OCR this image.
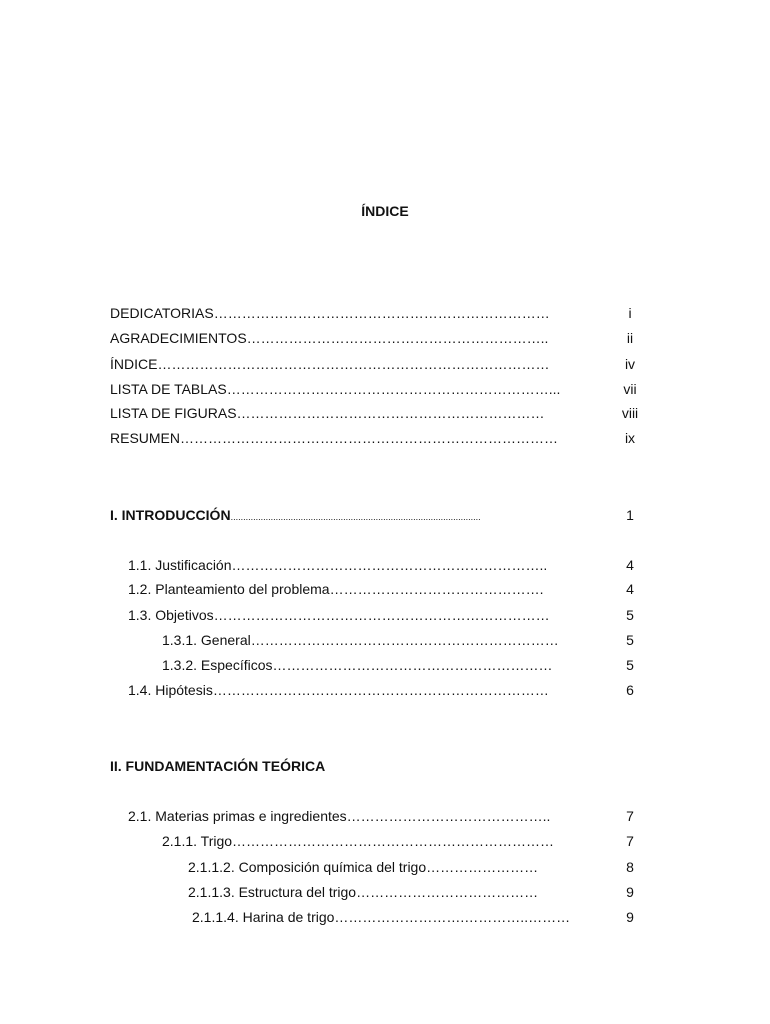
ÍNDICE
DEDICATORIAS………………………………………………………………	i
AGRADECIMIENTOS………………………………………………………..	ii
ÍNDICE…………………………………………………………………………	iv
LISTA DE TABLAS……………………………………………………………...	vii
LISTA DE FIGURAS…………………………………………………………	viii
RESUMEN………………………………………………………………………	ix
I. INTRODUCCIÓN....................................................................................................	1
1.1. Justificación…………………………………………………………..	4
1.2. Planteamiento del problema……………………………………….	4
1.3. Objetivos………………………………………………………………	5
1.3.1. General…………………………………………………………	5
1.3.2. Específicos……………………………………………………	5
1.4. Hipótesis………………………………………………………………	6
II. FUNDAMENTACIÓN TEÓRICA
2.1. Materias primas e ingredientes……………………………………..	7
2.1.1. Trigo……………………………………………………………	7
2.1.1.2. Composición química del trigo……………………	8
2.1.1.3. Estructura del trigo…………………………………	9
2.1.1.4. Harina de trigo……………………….…………..………	9
